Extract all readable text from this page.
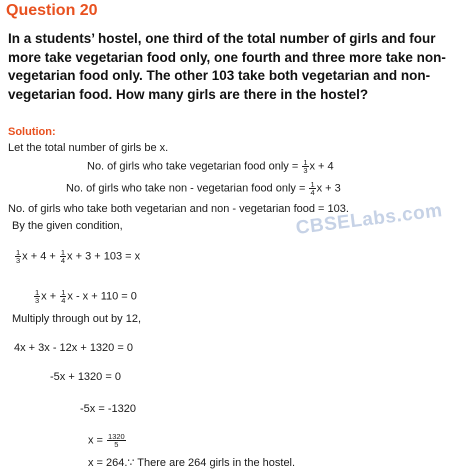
Question 20
In a students’ hostel, one third of the total number of girls and four more take vegetarian food only, one fourth and three more take non-vegetarian food only. The other 103 take both vegetarian and non-vegetarian food. How many girls are there in the hostel?
Solution:
Let the total number of girls be x.
No. of girls who take vegetarian food only = $\frac{1}{3}$ x + 4
No. of girls who take non - vegetarian food only = $\frac{1}{4}$ x + 3
No. of girls who take both vegetarian and non - vegetarian food = 103.
By the given condition,	CBSELabs.com
$\frac{1}{3}$ $x + 4 + \frac{1}{4}$ x + 3 + 103 = x
$\frac{1}{3}$ $x + \frac{1}{4}$ x - x + 110 = 0
Multiply through out by 12,
4x + 3x - 12x + 1320 = 0
-5x + 1320 = 0
-5x = -1320
$x = \frac{1320}{5}$
x = 264.∵ There are 264 girls in the hostel.
